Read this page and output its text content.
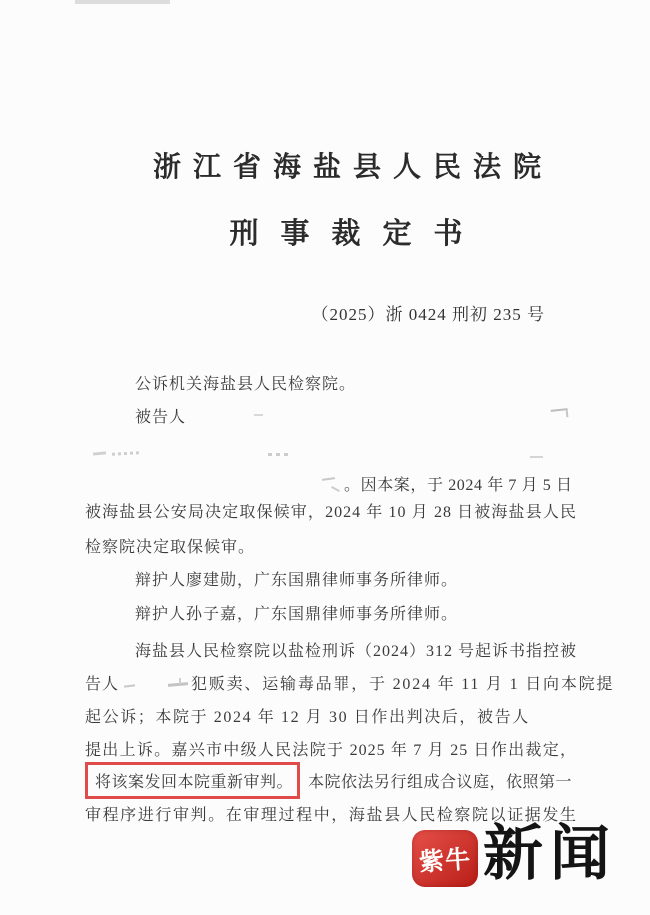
浙江省海盐县人民法院
刑事裁定书
（2025）浙 0424 刑初 235 号
公诉机关海盐县人民检察院。
被告人
。因本案，于 2024 年 7 月 5 日
被海盐县公安局决定取保候审，2024 年 10 月 28 日被海盐县人民
检察院决定取保候审。
辩护人廖建勋，广东国鼎律师事务所律师。
辩护人孙子嘉，广东国鼎律师事务所律师。
海盐县人民检察院以盐检刑诉（2024）312 号起诉书指控被
告人	犯贩卖、运输毒品罪，于 2024 年 11 月 1 日向本院提
起公诉；本院于 2024 年 12 月 30 日作出判决后，被告人
提出上诉。嘉兴市中级人民法院于 2025 年 7 月 25 日作出裁定，
将该案发回本院重新审判。 本院依法另行组成合议庭，依照第一
审程序进行审判。在审理过程中，海盐县人民检察院以证据发生
紫牛 新闻
